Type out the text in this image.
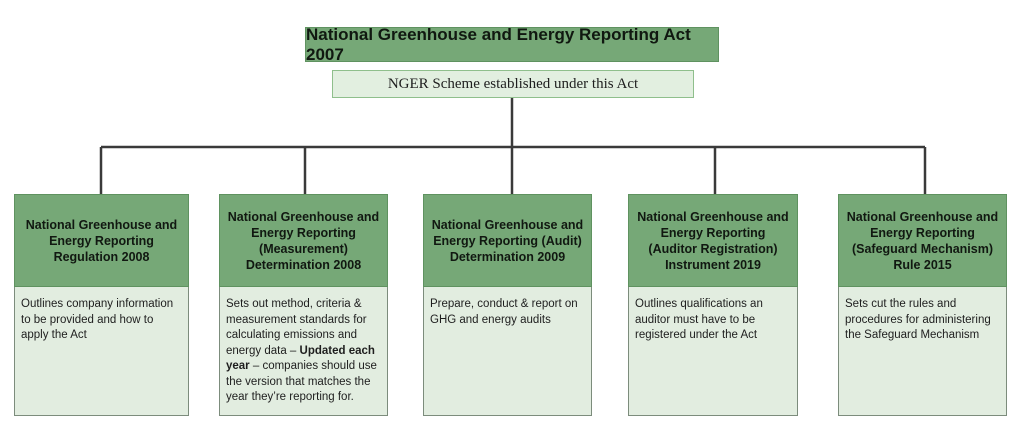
National Greenhouse and Energy Reporting Act 2007
NGER Scheme established under this Act
National Greenhouse and Energy Reporting Regulation 2008
Outlines company information to be provided and how to apply the Act
National Greenhouse and Energy Reporting (Measurement) Determination 2008
Sets out method, criteria & measurement standards for calculating emissions and energy data – Updated each year – companies should use the version that matches the year they’re reporting for.
National Greenhouse and Energy Reporting (Audit) Determination 2009
Prepare, conduct & report on GHG and energy audits
National Greenhouse and Energy Reporting (Auditor Registration) Instrument 2019
Outlines qualifications an auditor must have to be registered under the Act
National Greenhouse and Energy Reporting (Safeguard Mechanism) Rule 2015
Sets cut the rules and procedures for administering the Safeguard Mechanism
